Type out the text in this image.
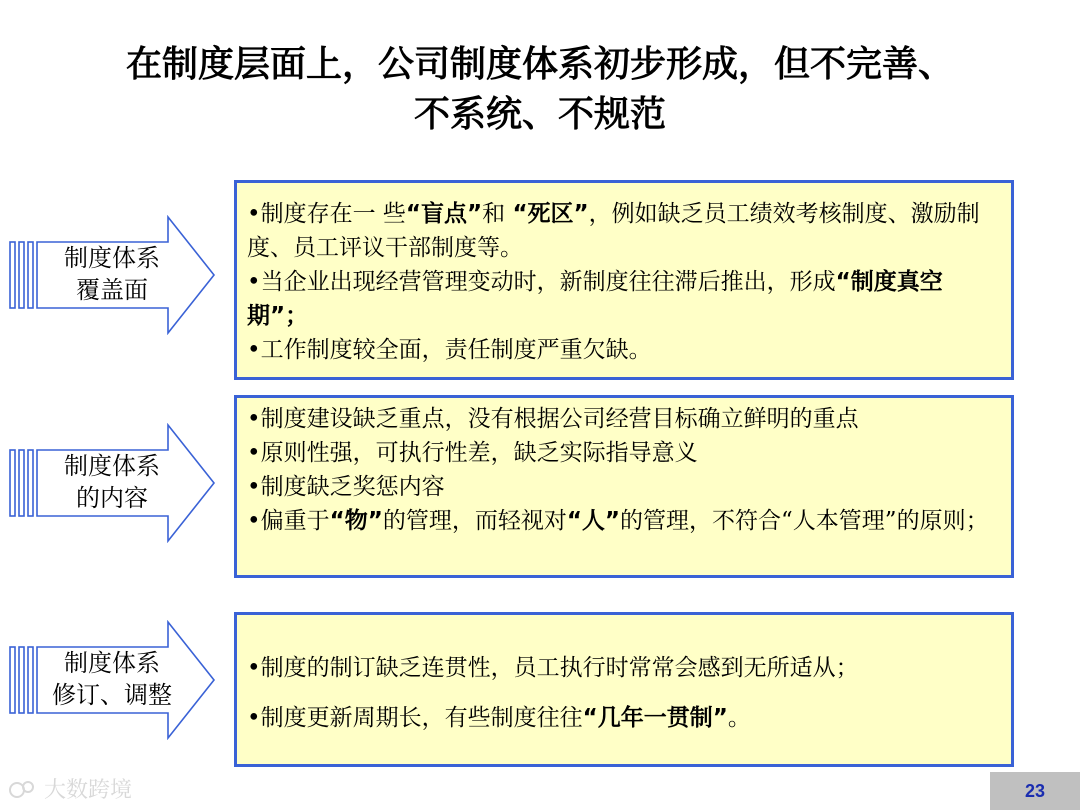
在制度层面上，公司制度体系初步形成，但不完善、
不系统、不规范
制度体系
覆盖面

•制度存在一 些“盲点”和 “死区”，例如缺乏员工绩效考核制度、激励制度、员工评议干部制度等。

•当企业出现经营管理变动时，新制度往往滞后推出，形成“制度真空期”；

•工作制度较全面，责任制度严重欠缺。

制度体系
的内容

•制度建设缺乏重点，没有根据公司经营目标确立鲜明的重点

•原则性强，可执行性差，缺乏实际指导意义

•制度缺乏奖惩内容

•偏重于“物”的管理，而轻视对“人”的管理，不符合“人本管理”的原则；

制度体系
修订、调整

•制度的制订缺乏连贯性，员工执行时常常会感到无所适从；

•制度更新周期长，有些制度往往“几年一贯制”。

大数跨境	23
